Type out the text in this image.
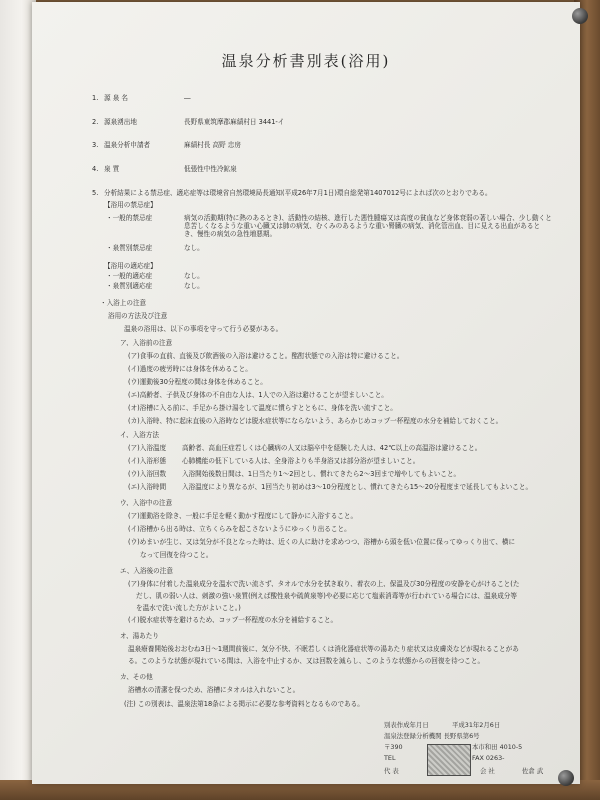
温泉分析書別表(浴用)
1. 源 泉 名	―
2. 源泉湧出地	長野県東筑摩郡麻績村日 3441-イ
3. 温泉分析申請者	麻績村長 高野 忠房
4. 泉 質	低張性中性冷鉱泉
5. 分析結果による禁忌症、適応症等は環境省自然環境局長通知(平成26年7月1日)環自総発第1407012号によれば次のとおりである。
【浴用の禁忌症】
・一般的禁忌症	病気の活動期(特に熱のあるとき)、活動性の結核、進行した悪性腫瘍又は高度の貧血など身体衰弱の著しい場合、少し動くと息苦しくなるような重い心臓又は肺の病気、むくみのあるような重い腎臓の病気、消化管出血、目に見える出血があるとき、慢性の病気の急性増悪期。
・泉質別禁忌症	なし。
【浴用の適応症】
・一般的適応症	なし。
・泉質別適応症	なし。
・入浴上の注意
浴用の方法及び注意
温泉の浴用は、以下の事項を守って行う必要がある。
ア、入浴前の注意
(ア)食事の直前、直後及び飲酒後の入浴は避けること。酩酊状態での入浴は特に避けること。
(イ)過度の疲労時には身体を休めること。
(ウ)運動後30分程度の間は身体を休めること。
(エ)高齢者、子供及び身体の不自由な人は、1人での入浴は避けることが望ましいこと。
(オ)浴槽に入る前に、手足から掛け湯をして温度に慣らすとともに、身体を洗い流すこと。
(カ)入浴時、特に起床直後の入浴時などは脱水症状等にならないよう、あらかじめコップ一杯程度の水分を補給しておくこと。
イ、入浴方法
(ア)入浴温度 高齢者、高血圧症若しくは心臓病の人又は脳卒中を経験した人は、42℃以上の高温浴は避けること。
(イ)入浴形態 心肺機能の低下している人は、全身浴よりも半身浴又は部分浴が望ましいこと。
(ウ)入浴回数 入浴開始後数日間は、1日当たり1〜2回とし、慣れてきたら2〜3回まで増やしてもよいこと。
(エ)入浴時間 入浴温度により異なるが、1回当たり初めは3〜10分程度とし、慣れてきたら15〜20分程度まで延長してもよいこと。
ウ、入浴中の注意
(ア)運動浴を除き、一般に手足を軽く動かす程度にして静かに入浴すること。
(イ)浴槽から出る時は、立ちくらみを起こさないようにゆっくり出ること。
(ウ)めまいが生じ、又は気分が不良となった時は、近くの人に助けを求めつつ、浴槽から頭を低い位置に保ってゆっくり出て、横に
なって回復を待つこと。
エ、入浴後の注意
(ア)身体に付着した温泉成分を温水で洗い流さず、タオルで水分を拭き取り、着衣の上、保温及び30分程度の安静を心がけること(た
だし、肌の弱い人は、刺激の強い泉質(例えば酸性泉や硫黄泉等)や必要に応じて塩素消毒等が行われている場合には、温泉成分等
を温水で洗い流した方がよいこと。)
(イ)脱水症状等を避けるため、コップ一杯程度の水分を補給すること。
オ、湯あたり
温泉療養開始後おおむね3日〜1週間前後に、気分不快、不眠若しくは消化器症状等の湯あたり症状又は皮膚炎などが現れることがあ
る。このような状態が現れている間は、入浴を中止するか、又は回数を減らし、このような状態からの回復を待つこと。
カ、その他
浴槽水の清潔を保つため、浴槽にタオルは入れないこと。
(注) この別表は、温泉法第18条による掲示に必要な参考資料となるものである。
別表作成年月日	平成31年2月6日
温泉法登録分析機関 長野県第6号
〒390	本市和田 4010-5
TEL	FAX 0263-
代 表	会 社	佐倉 武
